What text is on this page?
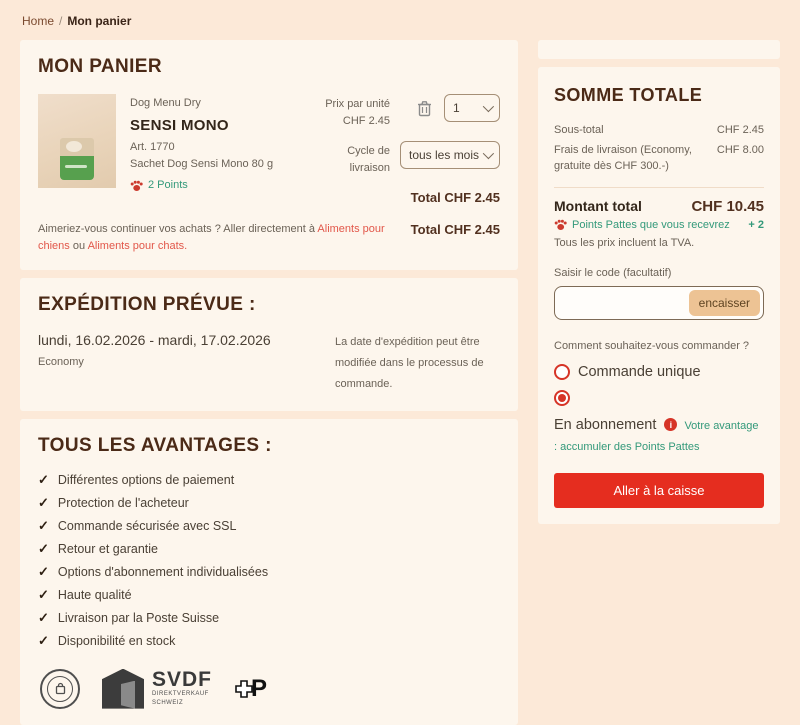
Home / Mon panier
MON PANIER
Dog Menu Dry
SENSI MONO
Art. 1770
Sachet Dog Sensi Mono 80 g
2 Points
Prix par unité
CHF 2.45
1
Cycle de livraison
tous les mois
Total CHF 2.45
Aimeriez-vous continuer vos achats ? Aller directement à Aliments pour chiens ou Aliments pour chats.
Total CHF 2.45
EXPÉDITION PRÉVUE :
lundi, 16.02.2026 - mardi, 17.02.2026
Economy
La date d'expédition peut être modifiée dans le processus de commande.
TOUS LES AVANTAGES :
✓ Différentes options de paiement
✓ Protection de l'acheteur
✓ Commande sécurisée avec SSL
✓ Retour et garantie
✓ Options d'abonnement individualisées
✓ Haute qualité
✓ Livraison par la Poste Suisse
✓ Disponibilité en stock
SVDF
DIREKTVERKAUF
SCHWEIZ
P
SOMME TOTALE
Sous-total	CHF 2.45
Frais de livraison (Economy, gratuite dès CHF 300.-)
CHF 8.00
Montant total	CHF 10.45
Points Pattes que vous recevrez + 2
Tous les prix incluent la TVA.
Saisir le code (facultatif)
encaisser
Comment souhaitez-vous commander ?
Commande unique
En abonnement i Votre avantage : accumuler des Points Pattes
Aller à la caisse
